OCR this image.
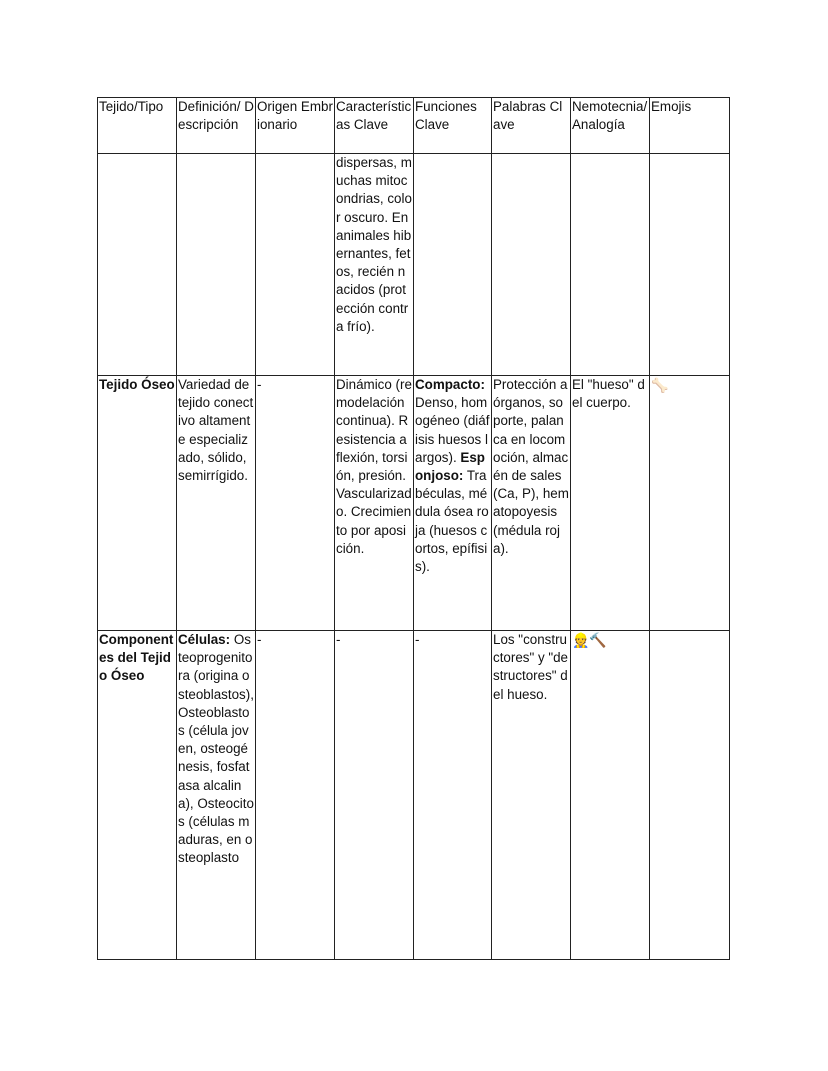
Tejido/Tipo	Definición/ Descripción	Origen Embrionario	Características Clave	Funciones Clave	Palabras Clave	Nemotecnia/Analogía	Emojis
			dispersas, muchas mitocondrias, color oscuro. En animales hibernantes, fetos, recién nacidos (protección contra frío).				
Tejido Óseo	Variedad de tejido conectivo altamente especializado, sólido, semirrígido.	-	Dinámico (remodelación continua). Resistencia a flexión, torsión, presión. Vascularizado. Crecimiento por aposición.	Compacto: Denso, homogéneo (diáfisis huesos largos). Esponjoso: Trabéculas, médula ósea roja (huesos cortos, epífisis).	Protección a órganos, soporte, palanca en locomoción, almacén de sales (Ca, P), hematopoyesis (médula roja).	El "hueso" del cuerpo.	🦴
Componentes del Tejido Óseo	Células: Osteoprogenitora (origina osteoblastos), Osteoblastos (célula joven, osteogénesis, fosfatasa alcalina), Osteocitos (células maduras, en osteoplasto	-	-	-	Los "constructores" y "destructores" del hueso.	👷🔨	
